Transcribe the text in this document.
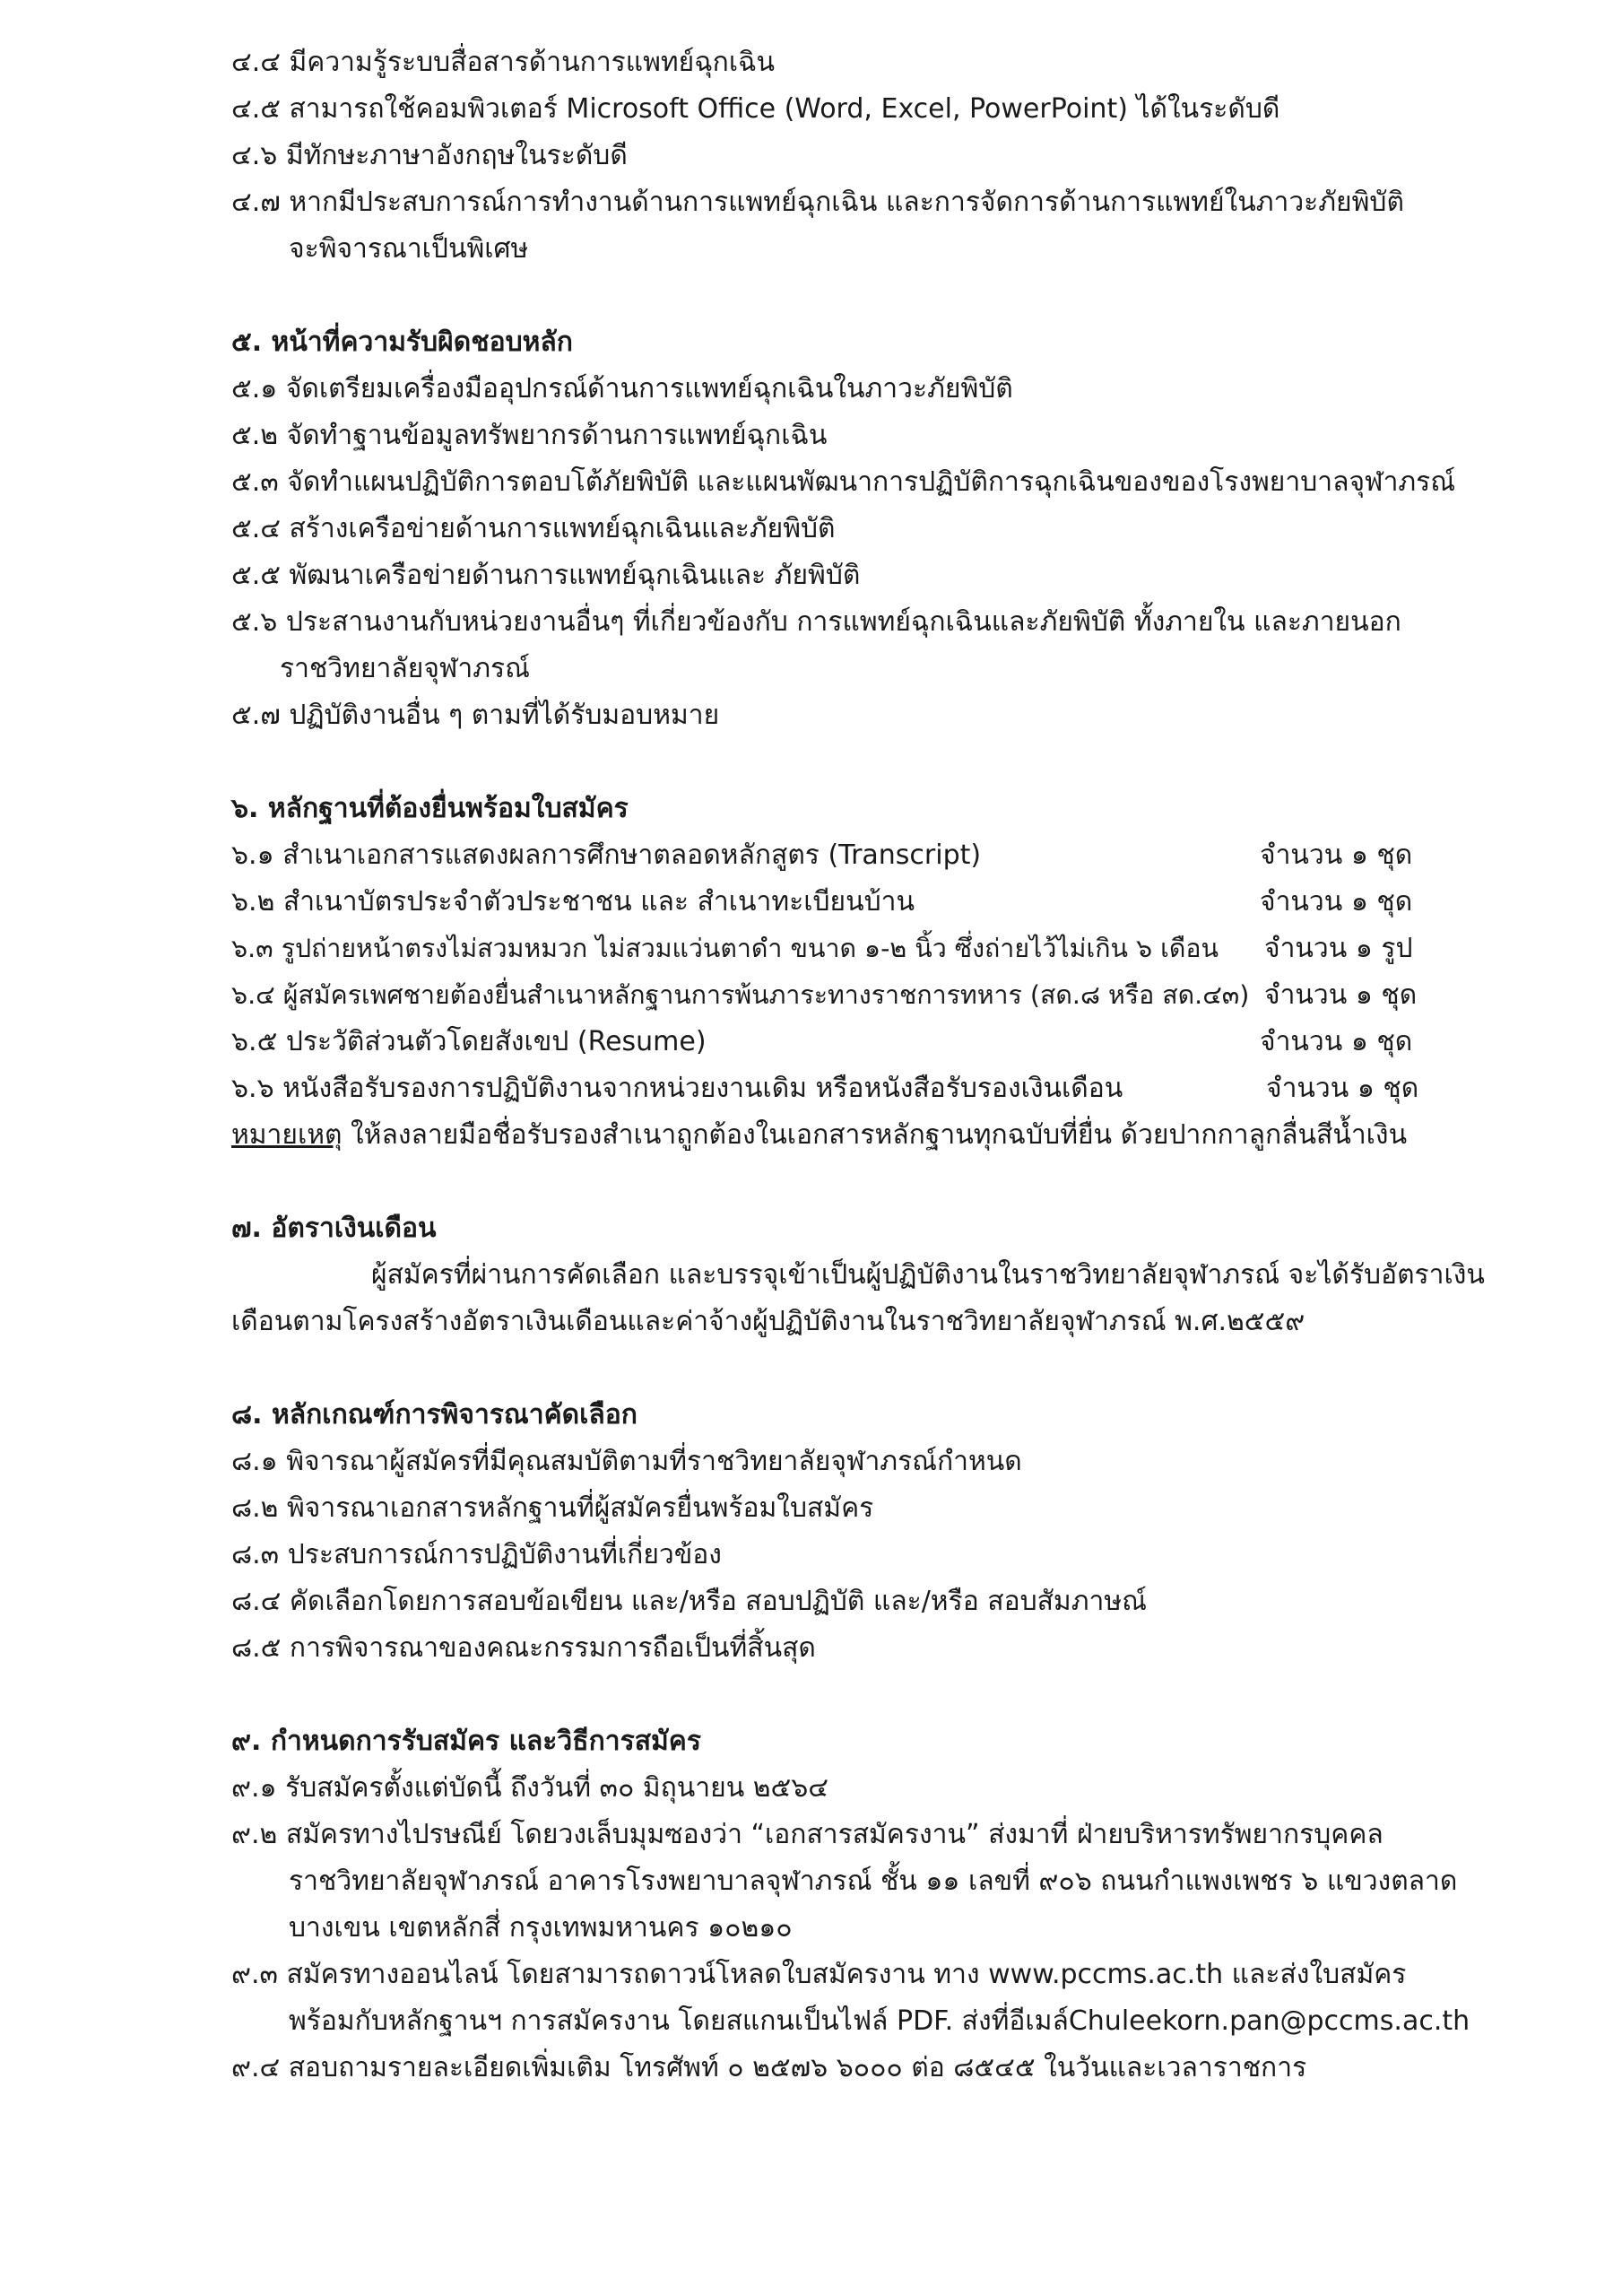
๔.๔ มีความรู้ระบบสื่อสารด้านการแพทย์ฉุกเฉิน
๔.๕ สามารถใช้คอมพิวเตอร์ Microsoft Office (Word, Excel, PowerPoint) ได้ในระดับดี
๔.๖ มีทักษะภาษาอังกฤษในระดับดี
๔.๗ หากมีประสบการณ์การทำงานด้านการแพทย์ฉุกเฉิน และการจัดการด้านการแพทย์ในภาวะภัยพิบัติ
จะพิจารณาเป็นพิเศษ
๕. หน้าที่ความรับผิดชอบหลัก
๕.๑ จัดเตรียมเครื่องมืออุปกรณ์ด้านการแพทย์ฉุกเฉินในภาวะภัยพิบัติ
๕.๒ จัดทำฐานข้อมูลทรัพยากรด้านการแพทย์ฉุกเฉิน
๕.๓ จัดทำแผนปฏิบัติการตอบโต้ภัยพิบัติ และแผนพัฒนาการปฏิบัติการฉุกเฉินของของโรงพยาบาลจุฬาภรณ์
๕.๔ สร้างเครือข่ายด้านการแพทย์ฉุกเฉินและภัยพิบัติ
๕.๕ พัฒนาเครือข่ายด้านการแพทย์ฉุกเฉินและ ภัยพิบัติ
๕.๖ ประสานงานกับหน่วยงานอื่นๆ ที่เกี่ยวข้องกับ การแพทย์ฉุกเฉินและภัยพิบัติ ทั้งภายใน และภายนอก
ราชวิทยาลัยจุฬาภรณ์
๕.๗ ปฏิบัติงานอื่น ๆ ตามที่ได้รับมอบหมาย
๖. หลักฐานที่ต้องยื่นพร้อมใบสมัคร
๖.๑ สำเนาเอกสารแสดงผลการศึกษาตลอดหลักสูตร (Transcript)	จำนวน ๑ ชุด
๖.๒ สำเนาบัตรประจำตัวประชาชน และ สำเนาทะเบียนบ้าน	จำนวน ๑ ชุด
๖.๓ รูปถ่ายหน้าตรงไม่สวมหมวก ไม่สวมแว่นตาดำ ขนาด ๑-๒ นิ้ว ซึ่งถ่ายไว้ไม่เกิน ๖ เดือน จำนวน ๑ รูป
๖.๔ ผู้สมัครเพศชายต้องยื่นสำเนาหลักฐานการพ้นภาระทางราชการทหาร (สด.๘ หรือ สด.๔๓) จำนวน ๑ ชุด
๖.๕ ประวัติส่วนตัวโดยสังเขป (Resume)	จำนวน ๑ ชุด
๖.๖ หนังสือรับรองการปฏิบัติงานจากหน่วยงานเดิม หรือหนังสือรับรองเงินเดือน	จำนวน ๑ ชุด
หมายเหตุ ให้ลงลายมือชื่อรับรองสำเนาถูกต้องในเอกสารหลักฐานทุกฉบับที่ยื่น ด้วยปากกาลูกลื่นสีน้ำเงิน
๗. อัตราเงินเดือน
ผู้สมัครที่ผ่านการคัดเลือก และบรรจุเข้าเป็นผู้ปฏิบัติงานในราชวิทยาลัยจุฬาภรณ์ จะได้รับอัตราเงิน
เดือนตามโครงสร้างอัตราเงินเดือนและค่าจ้างผู้ปฏิบัติงานในราชวิทยาลัยจุฬาภรณ์ พ.ศ.๒๕๕๙
๘. หลักเกณฑ์การพิจารณาคัดเลือก
๘.๑ พิจารณาผู้สมัครที่มีคุณสมบัติตามที่ราชวิทยาลัยจุฬาภรณ์กำหนด
๘.๒ พิจารณาเอกสารหลักฐานที่ผู้สมัครยื่นพร้อมใบสมัคร
๘.๓ ประสบการณ์การปฏิบัติงานที่เกี่ยวข้อง
๘.๔ คัดเลือกโดยการสอบข้อเขียน และ/หรือ สอบปฏิบัติ และ/หรือ สอบสัมภาษณ์
๘.๕ การพิจารณาของคณะกรรมการถือเป็นที่สิ้นสุด
๙. กำหนดการรับสมัคร และวิธีการสมัคร
๙.๑ รับสมัครตั้งแต่บัดนี้ ถึงวันที่ ๓๐ มิถุนายน ๒๕๖๔
๙.๒ สมัครทางไปรษณีย์ โดยวงเล็บมุมซองว่า “เอกสารสมัครงาน” ส่งมาที่ ฝ่ายบริหารทรัพยากรบุคคล
ราชวิทยาลัยจุฬาภรณ์ อาคารโรงพยาบาลจุฬาภรณ์ ชั้น ๑๑ เลขที่ ๙๐๖ ถนนกำแพงเพชร ๖ แขวงตลาด
บางเขน เขตหลักสี่ กรุงเทพมหานคร ๑๐๒๑๐
๙.๓ สมัครทางออนไลน์ โดยสามารถดาวน์โหลดใบสมัครงาน ทาง www.pccms.ac.th และส่งใบสมัคร
พร้อมกับหลักฐานฯ การสมัครงาน โดยสแกนเป็นไฟล์ PDF. ส่งที่อีเมล์Chuleekorn.pan@pccms.ac.th
๙.๔ สอบถามรายละเอียดเพิ่มเติม โทรศัพท์ ๐ ๒๕๗๖ ๖๐๐๐ ต่อ ๘๕๔๕ ในวันและเวลาราชการ
